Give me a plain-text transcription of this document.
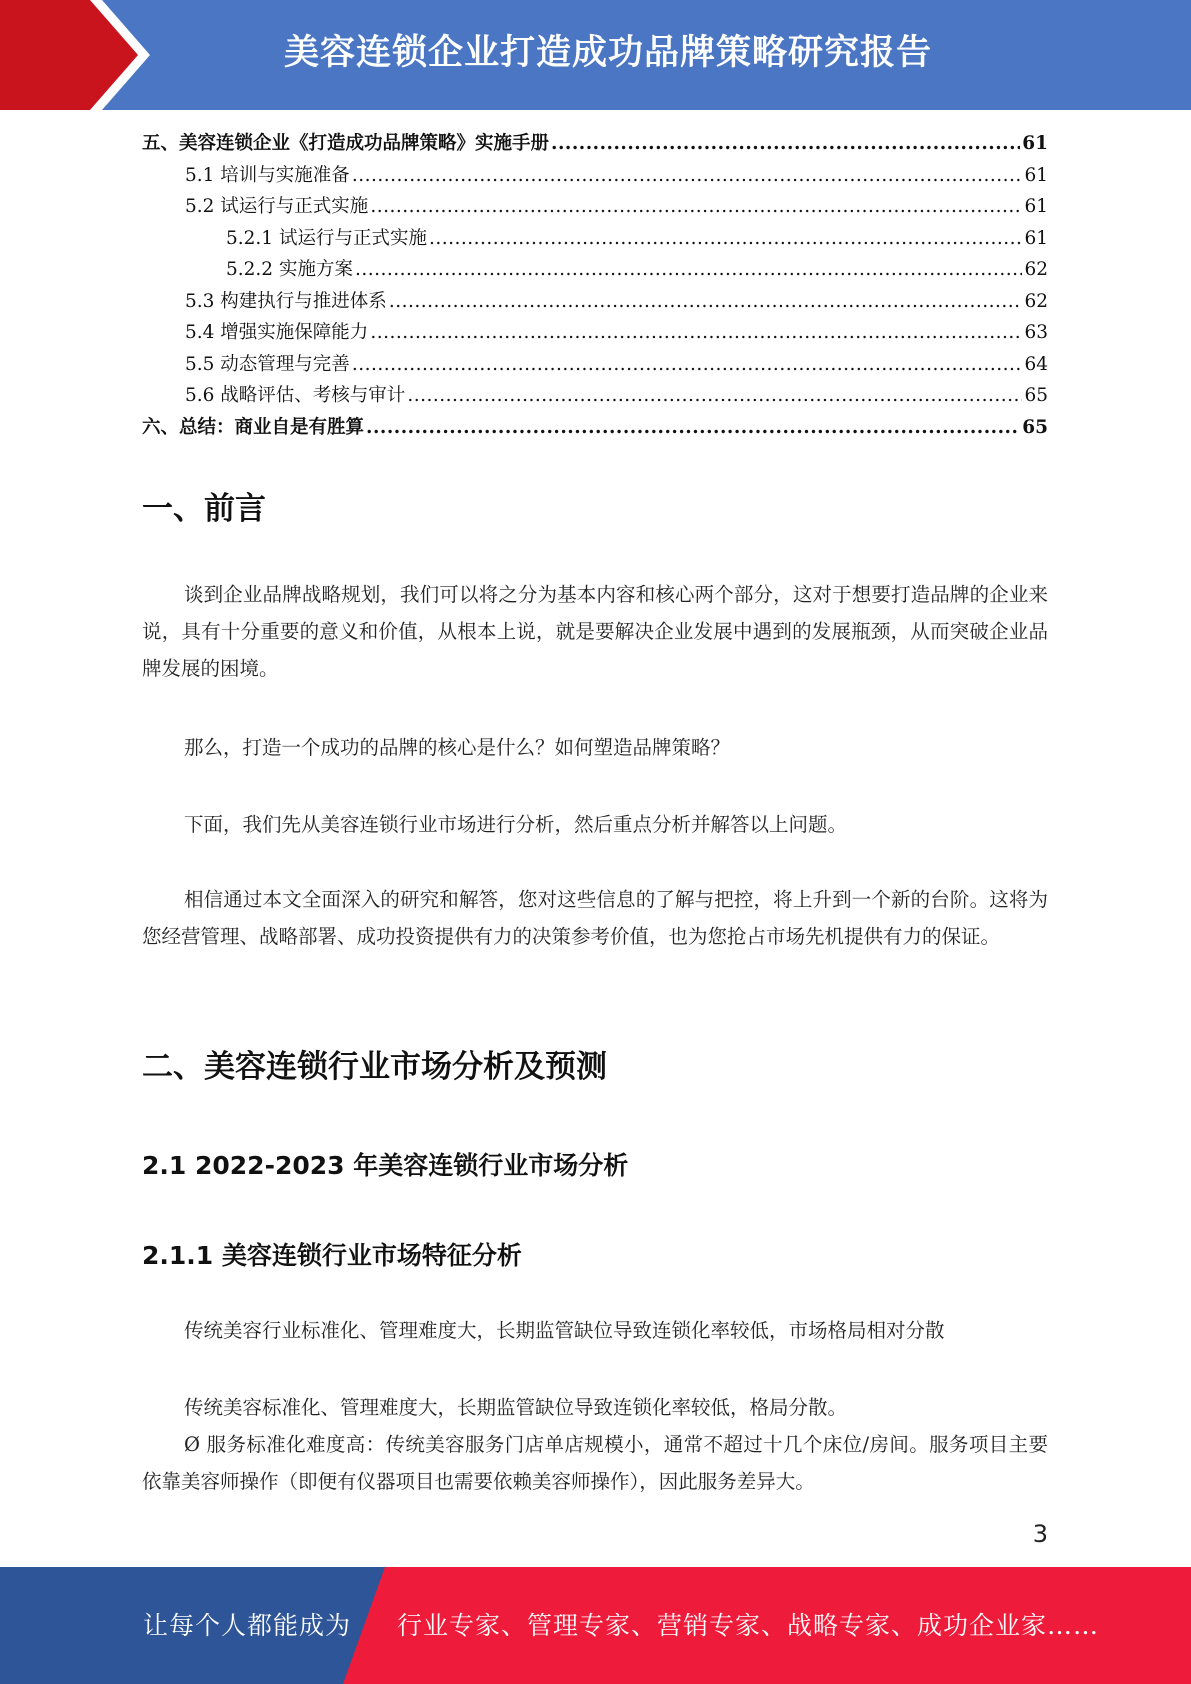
美容连锁企业打造成功品牌策略研究报告
五、美容连锁企业《打造成功品牌策略》实施手册 .....	61
5.1 培训与实施准备 .....	61
5.2 试运行与正式实施 .....	61
5.2.1 试运行与正式实施 .....	61
5.2.2 实施方案 .....	62
5.3 构建执行与推进体系 .....	62
5.4 增强实施保障能力 .....	63
5.5 动态管理与完善 .....	64
5.6 战略评估、考核与审计 .....	65
六、总结：商业自是有胜算 .....	65
一、前言
谈到企业品牌战略规划，我们可以将之分为基本内容和核心两个部分，这对于想要打造品牌的企业来说，具有十分重要的意义和价值，从根本上说，就是要解决企业发展中遇到的发展瓶颈，从而突破企业品牌发展的困境。
那么，打造一个成功的品牌的核心是什么？如何塑造品牌策略？
下面，我们先从美容连锁行业市场进行分析，然后重点分析并解答以上问题。
相信通过本文全面深入的研究和解答，您对这些信息的了解与把控，将上升到一个新的台阶。这将为您经营管理、战略部署、成功投资提供有力的决策参考价值，也为您抢占市场先机提供有力的保证。
二、美容连锁行业市场分析及预测
2.1 2022-2023 年美容连锁行业市场分析
2.1.1 美容连锁行业市场特征分析
传统美容行业标准化、管理难度大，长期监管缺位导致连锁化率较低，市场格局相对分散
传统美容标准化、管理难度大，长期监管缺位导致连锁化率较低，格局分散。
Ø 服务标准化难度高：传统美容服务门店单店规模小，通常不超过十几个床位/房间。服务项目主要依靠美容师操作（即便有仪器项目也需要依赖美容师操作），因此服务差异大。
3
让每个人都能成为 行业专家、管理专家、营销专家、战略专家、成功企业家……
